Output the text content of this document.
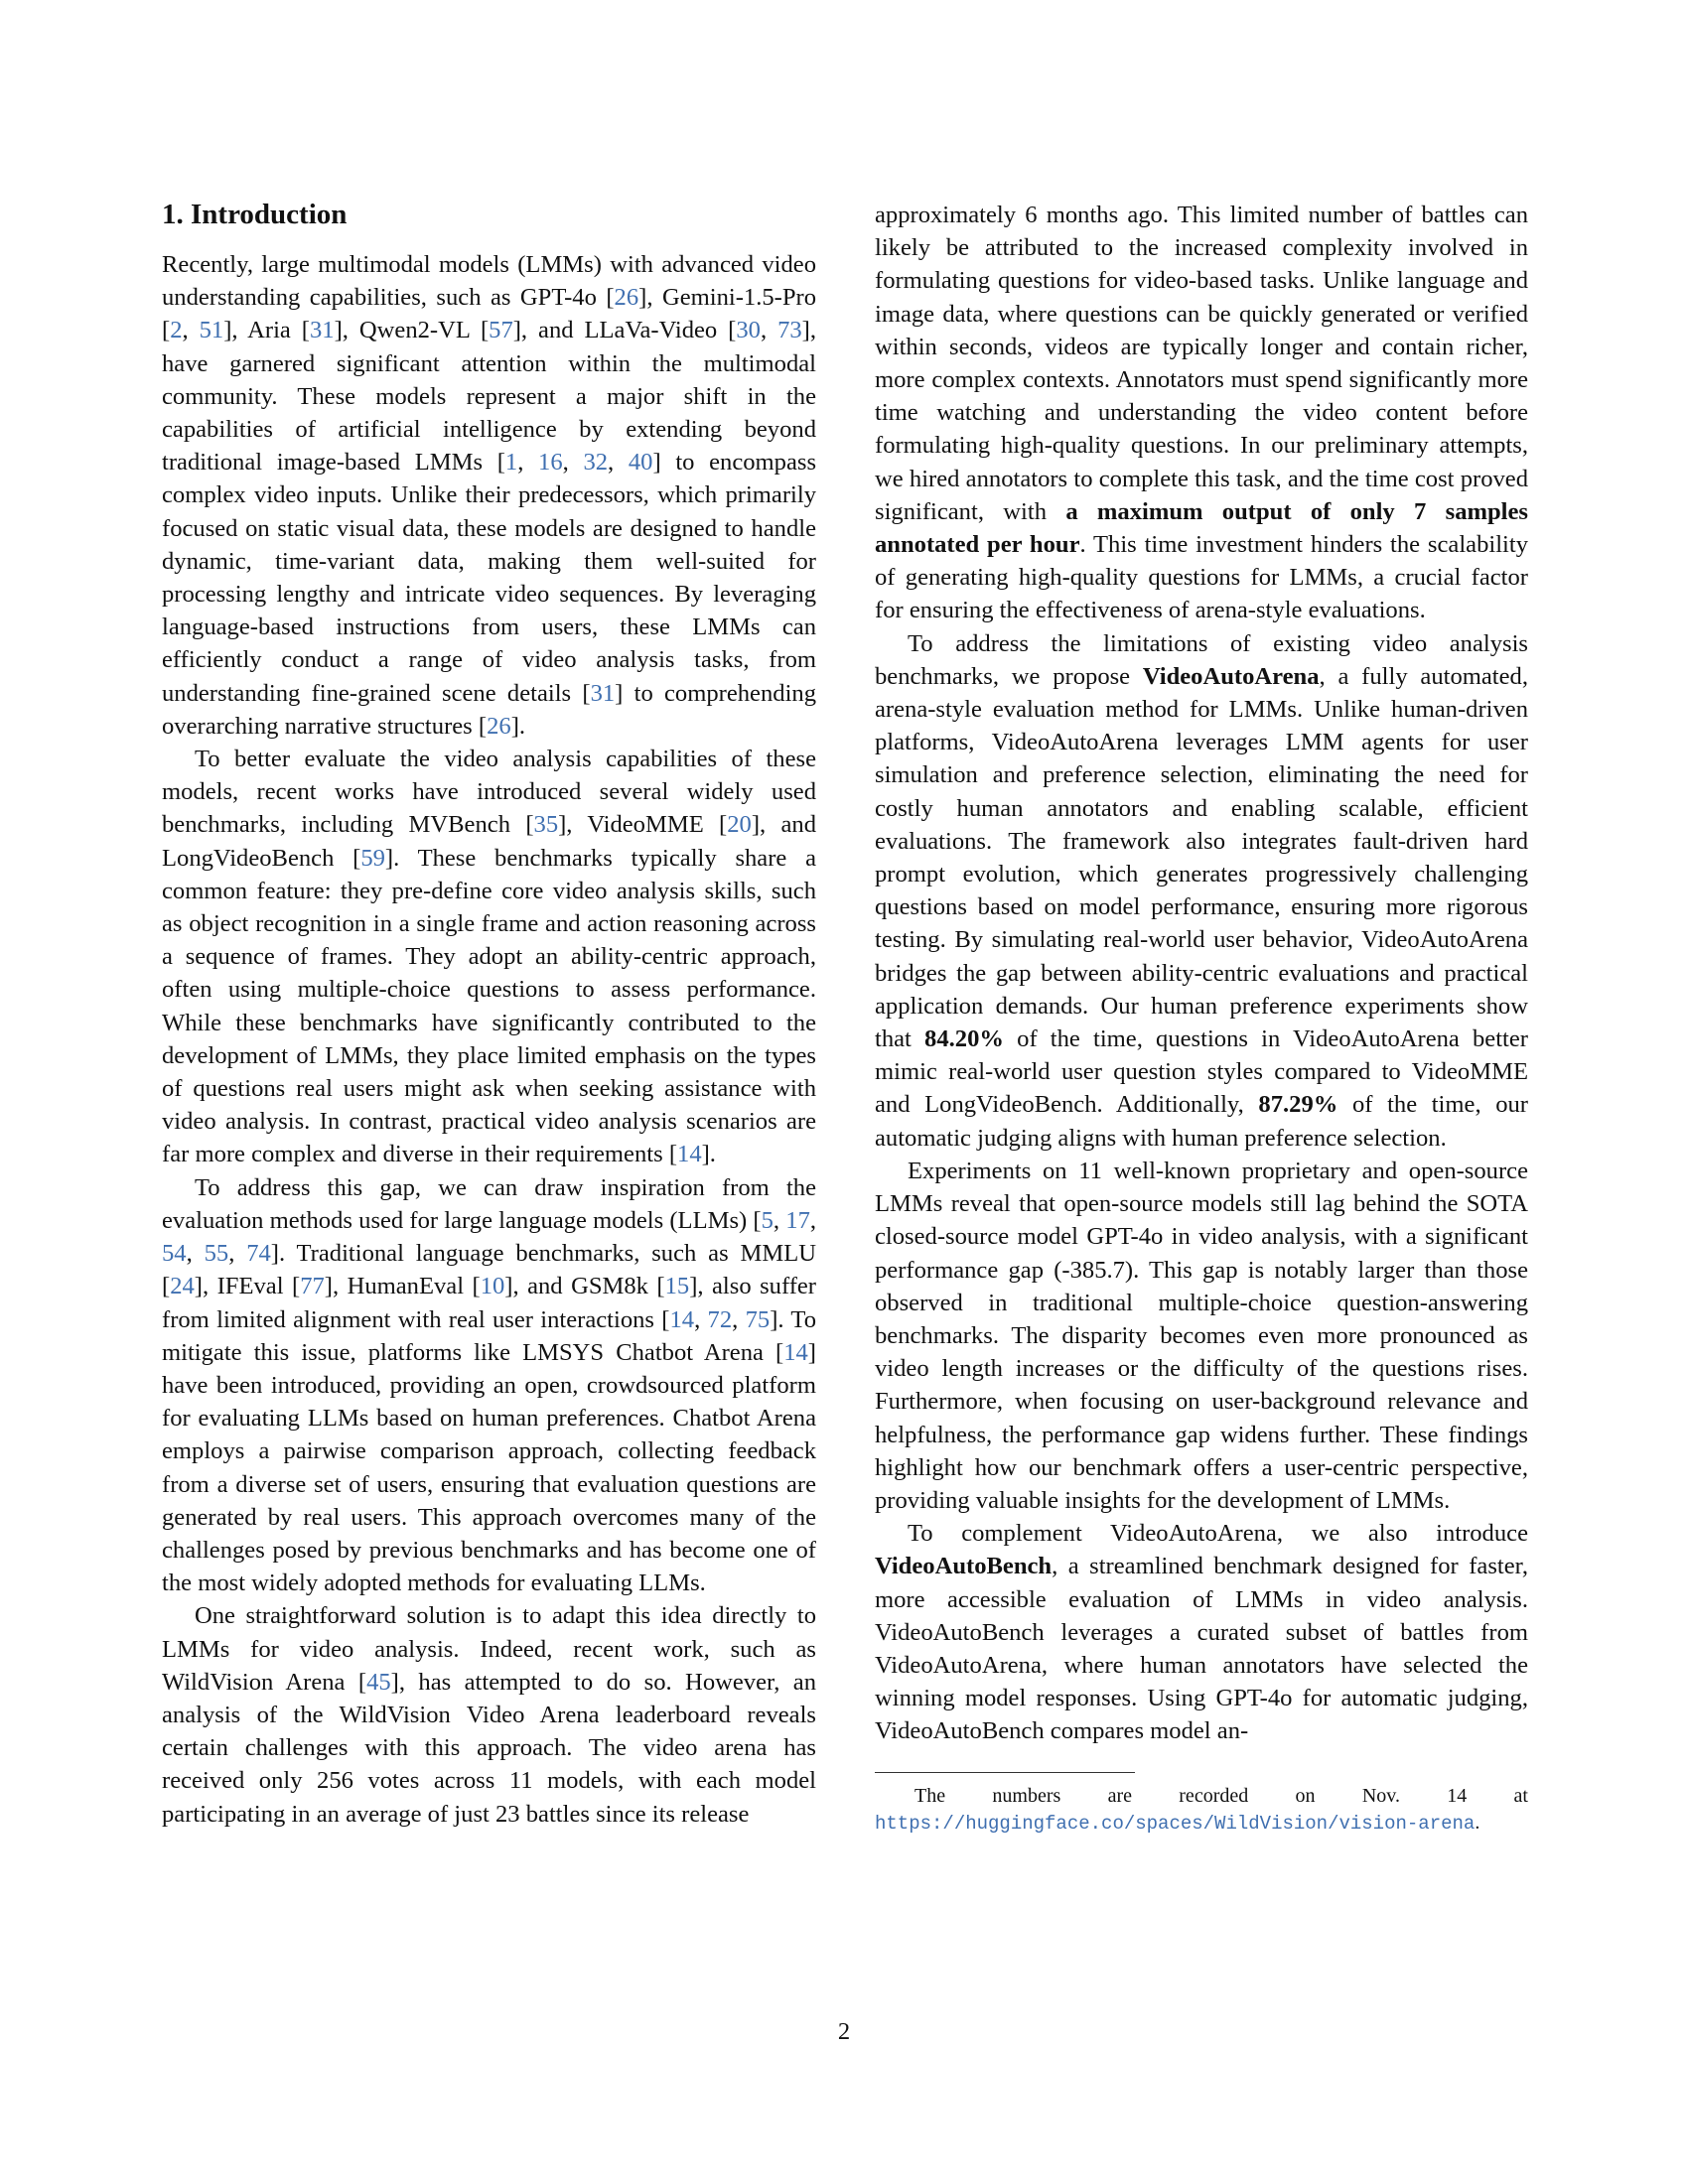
1. Introduction

Recently, large multimodal models (LMMs) with advanced video understanding capabilities, such as GPT-4o [26], Gemini-1.5-Pro [2, 51], Aria [31], Qwen2-VL [57], and LLaVa-Video [30, 73], have garnered significant attention within the multimodal community. These models represent a major shift in the capabilities of artificial intelligence by extending beyond traditional image-based LMMs [1, 16, 32, 40] to encompass complex video inputs. Unlike their predecessors, which primarily focused on static visual data, these models are designed to handle dynamic, time-variant data, making them well-suited for processing lengthy and intricate video sequences. By leveraging language-based instructions from users, these LMMs can efficiently conduct a range of video analysis tasks, from understanding fine-grained scene details [31] to comprehending overarching narrative structures [26].

To better evaluate the video analysis capabilities of these models, recent works have introduced several widely used benchmarks, including MVBench [35], VideoMME [20], and LongVideoBench [59]. These benchmarks typically share a common feature: they pre-define core video analysis skills, such as object recognition in a single frame and action reasoning across a sequence of frames. They adopt an ability-centric approach, often using multiple-choice questions to assess performance. While these benchmarks have significantly contributed to the development of LMMs, they place limited emphasis on the types of questions real users might ask when seeking assistance with video analysis. In contrast, practical video analysis scenarios are far more complex and diverse in their requirements [14].

To address this gap, we can draw inspiration from the evaluation methods used for large language models (LLMs) [5, 17, 54, 55, 74]. Traditional language benchmarks, such as MMLU [24], IFEval [77], HumanEval [10], and GSM8k [15], also suffer from limited alignment with real user interactions [14, 72, 75]. To mitigate this issue, platforms like LMSYS Chatbot Arena [14] have been introduced, providing an open, crowdsourced platform for evaluating LLMs based on human preferences. Chatbot Arena employs a pairwise comparison approach, collecting feedback from a diverse set of users, ensuring that evaluation questions are generated by real users. This approach overcomes many of the challenges posed by previous benchmarks and has become one of the most widely adopted methods for evaluating LLMs.

One straightforward solution is to adapt this idea directly to LMMs for video analysis. Indeed, recent work, such as WildVision Arena [45], has attempted to do so. However, an analysis of the WildVision Video Arena leaderboard reveals certain challenges with this approach. The video arena has received only 256 votes across 11 models, with each model participating in an average of just 23 battles since its release

approximately 6 months ago. This limited number of battles can likely be attributed to the increased complexity involved in formulating questions for video-based tasks. Unlike language and image data, where questions can be quickly generated or verified within seconds, videos are typically longer and contain richer, more complex contexts. Annotators must spend significantly more time watching and understanding the video content before formulating high-quality questions. In our preliminary attempts, we hired annotators to complete this task, and the time cost proved significant, with a maximum output of only 7 samples annotated per hour. This time investment hinders the scalability of generating high-quality questions for LMMs, a crucial factor for ensuring the effectiveness of arena-style evaluations.

To address the limitations of existing video analysis benchmarks, we propose VideoAutoArena, a fully automated, arena-style evaluation method for LMMs. Unlike human-driven platforms, VideoAutoArena leverages LMM agents for user simulation and preference selection, eliminating the need for costly human annotators and enabling scalable, efficient evaluations. The framework also integrates fault-driven hard prompt evolution, which generates progressively challenging questions based on model performance, ensuring more rigorous testing. By simulating real-world user behavior, VideoAutoArena bridges the gap between ability-centric evaluations and practical application demands. Our human preference experiments show that 84.20% of the time, questions in VideoAutoArena better mimic real-world user question styles compared to VideoMME and LongVideoBench. Additionally, 87.29% of the time, our automatic judging aligns with human preference selection.

Experiments on 11 well-known proprietary and open-source LMMs reveal that open-source models still lag behind the SOTA closed-source model GPT-4o in video analysis, with a significant performance gap (-385.7). This gap is notably larger than those observed in traditional multiple-choice question-answering benchmarks. The disparity becomes even more pronounced as video length increases or the difficulty of the questions rises. Furthermore, when focusing on user-background relevance and helpfulness, the performance gap widens further. These findings highlight how our benchmark offers a user-centric perspective, providing valuable insights for the development of LMMs.

To complement VideoAutoArena, we also introduce VideoAutoBench, a streamlined benchmark designed for faster, more accessible evaluation of LMMs in video analysis. VideoAutoBench leverages a curated subset of battles from VideoAutoArena, where human annotators have selected the winning model responses. Using GPT-4o for automatic judging, VideoAutoBench compares model an-

The numbers are recorded on Nov. 14 at https://huggingface.co/spaces/WildVision/vision-arena.
2
